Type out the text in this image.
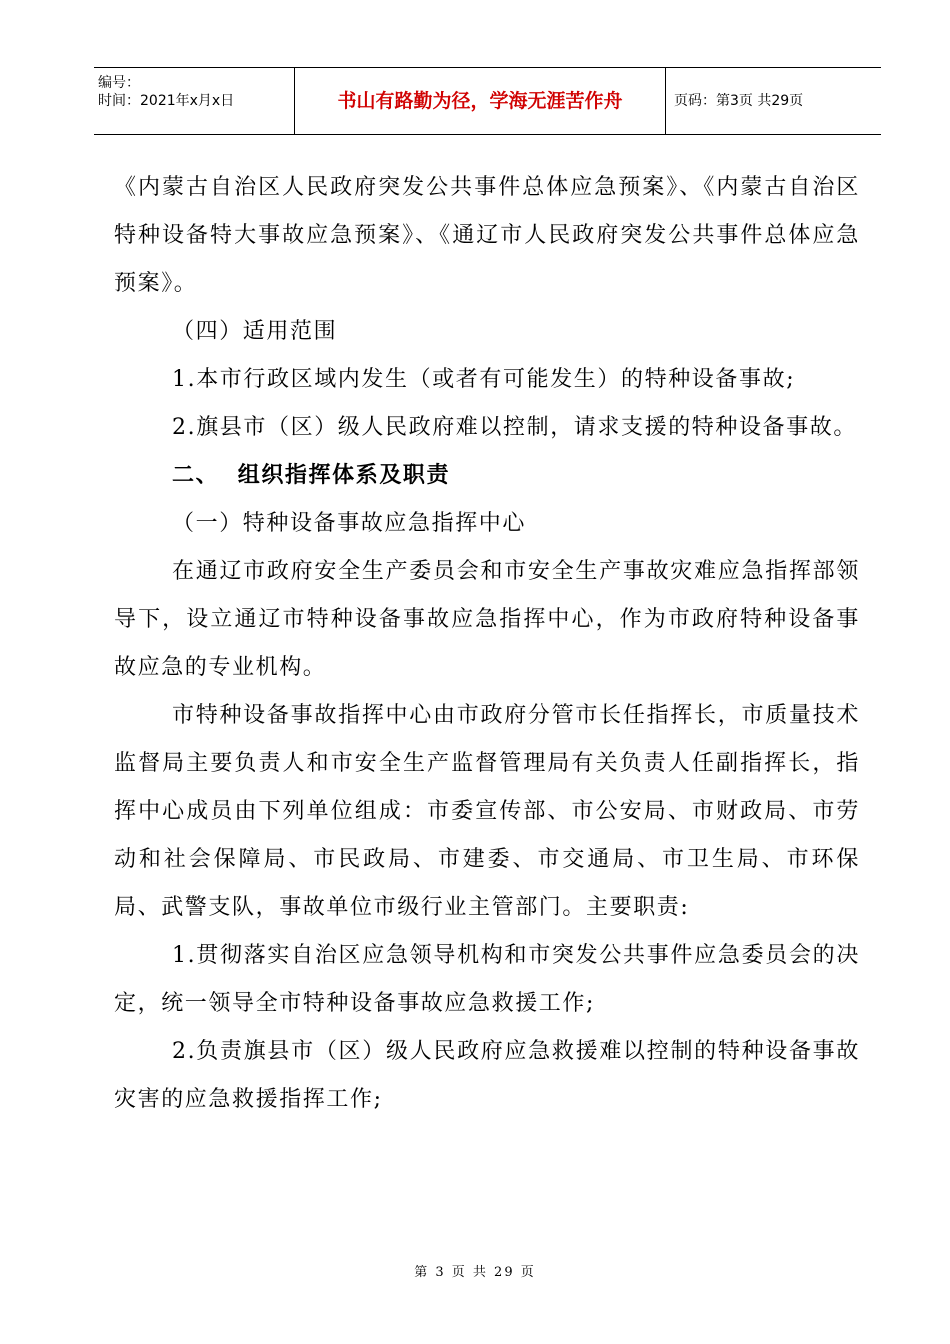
编号：
时间：2021年x月x日	书山有路勤为径，学海无涯苦作舟	页码：第3页 共29页

《内蒙古自治区人民政府突发公共事件总体应急预案》、《内蒙古自治区特种设备特大事故应急预案》、《通辽市人民政府突发公共事件总体应急预案》。

（四）适用范围

1.本市行政区域内发生（或者有可能发生）的特种设备事故;

2.旗县市（区）级人民政府难以控制，请求支援的特种设备事故。

二、  组织指挥体系及职责

（一）特种设备事故应急指挥中心

在通辽市政府安全生产委员会和市安全生产事故灾难应急指挥部领导下，设立通辽市特种设备事故应急指挥中心，作为市政府特种设备事故应急的专业机构。

市特种设备事故指挥中心由市政府分管市长任指挥长，市质量技术监督局主要负责人和市安全生产监督管理局有关负责人任副指挥长，指挥中心成员由下列单位组成：市委宣传部、市公安局、市财政局、市劳动和社会保障局、市民政局、市建委、市交通局、市卫生局、市环保局、武警支队，事故单位市级行业主管部门。主要职责:

1.贯彻落实自治区应急领导机构和市突发公共事件应急委员会的决定，统一领导全市特种设备事故应急救援工作;

2.负责旗县市（区）级人民政府应急救援难以控制的特种设备事故灾害的应急救援指挥工作;

第 3 页 共 29 页
